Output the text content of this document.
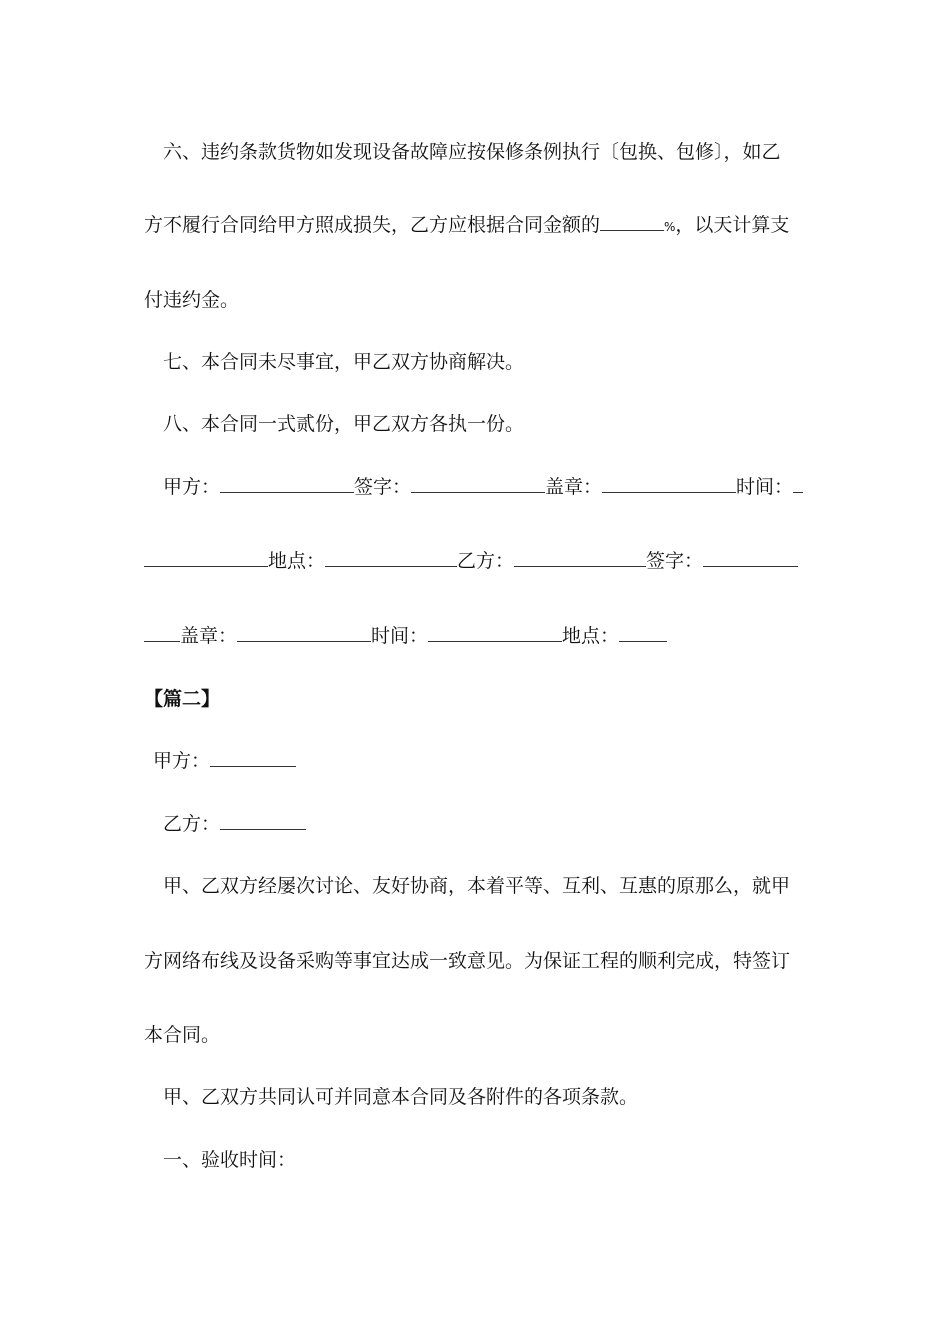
六、违约条款货物如发现设备故障应按保修条例执行〔包换、包修〕，如乙
方不履行合同给甲方照成损失，乙方应根据合同金额的	%，以天计算支
付违约金。
七、本合同未尽事宜，甲乙双方协商解决。
八、本合同一式贰份，甲乙双方各执一份。
甲方：	签字：	盖章：	时间：
地点：	乙方：	签字：
盖章：	时间：	地点：
【篇二】
甲方：
乙方：
甲、乙双方经屡次讨论、友好协商，本着平等、互利、互惠的原那么，就甲
方网络布线及设备采购等事宜达成一致意见。为保证工程的顺利完成，特签订
本合同。
甲、乙双方共同认可并同意本合同及各附件的各项条款。
一、验收时间：
